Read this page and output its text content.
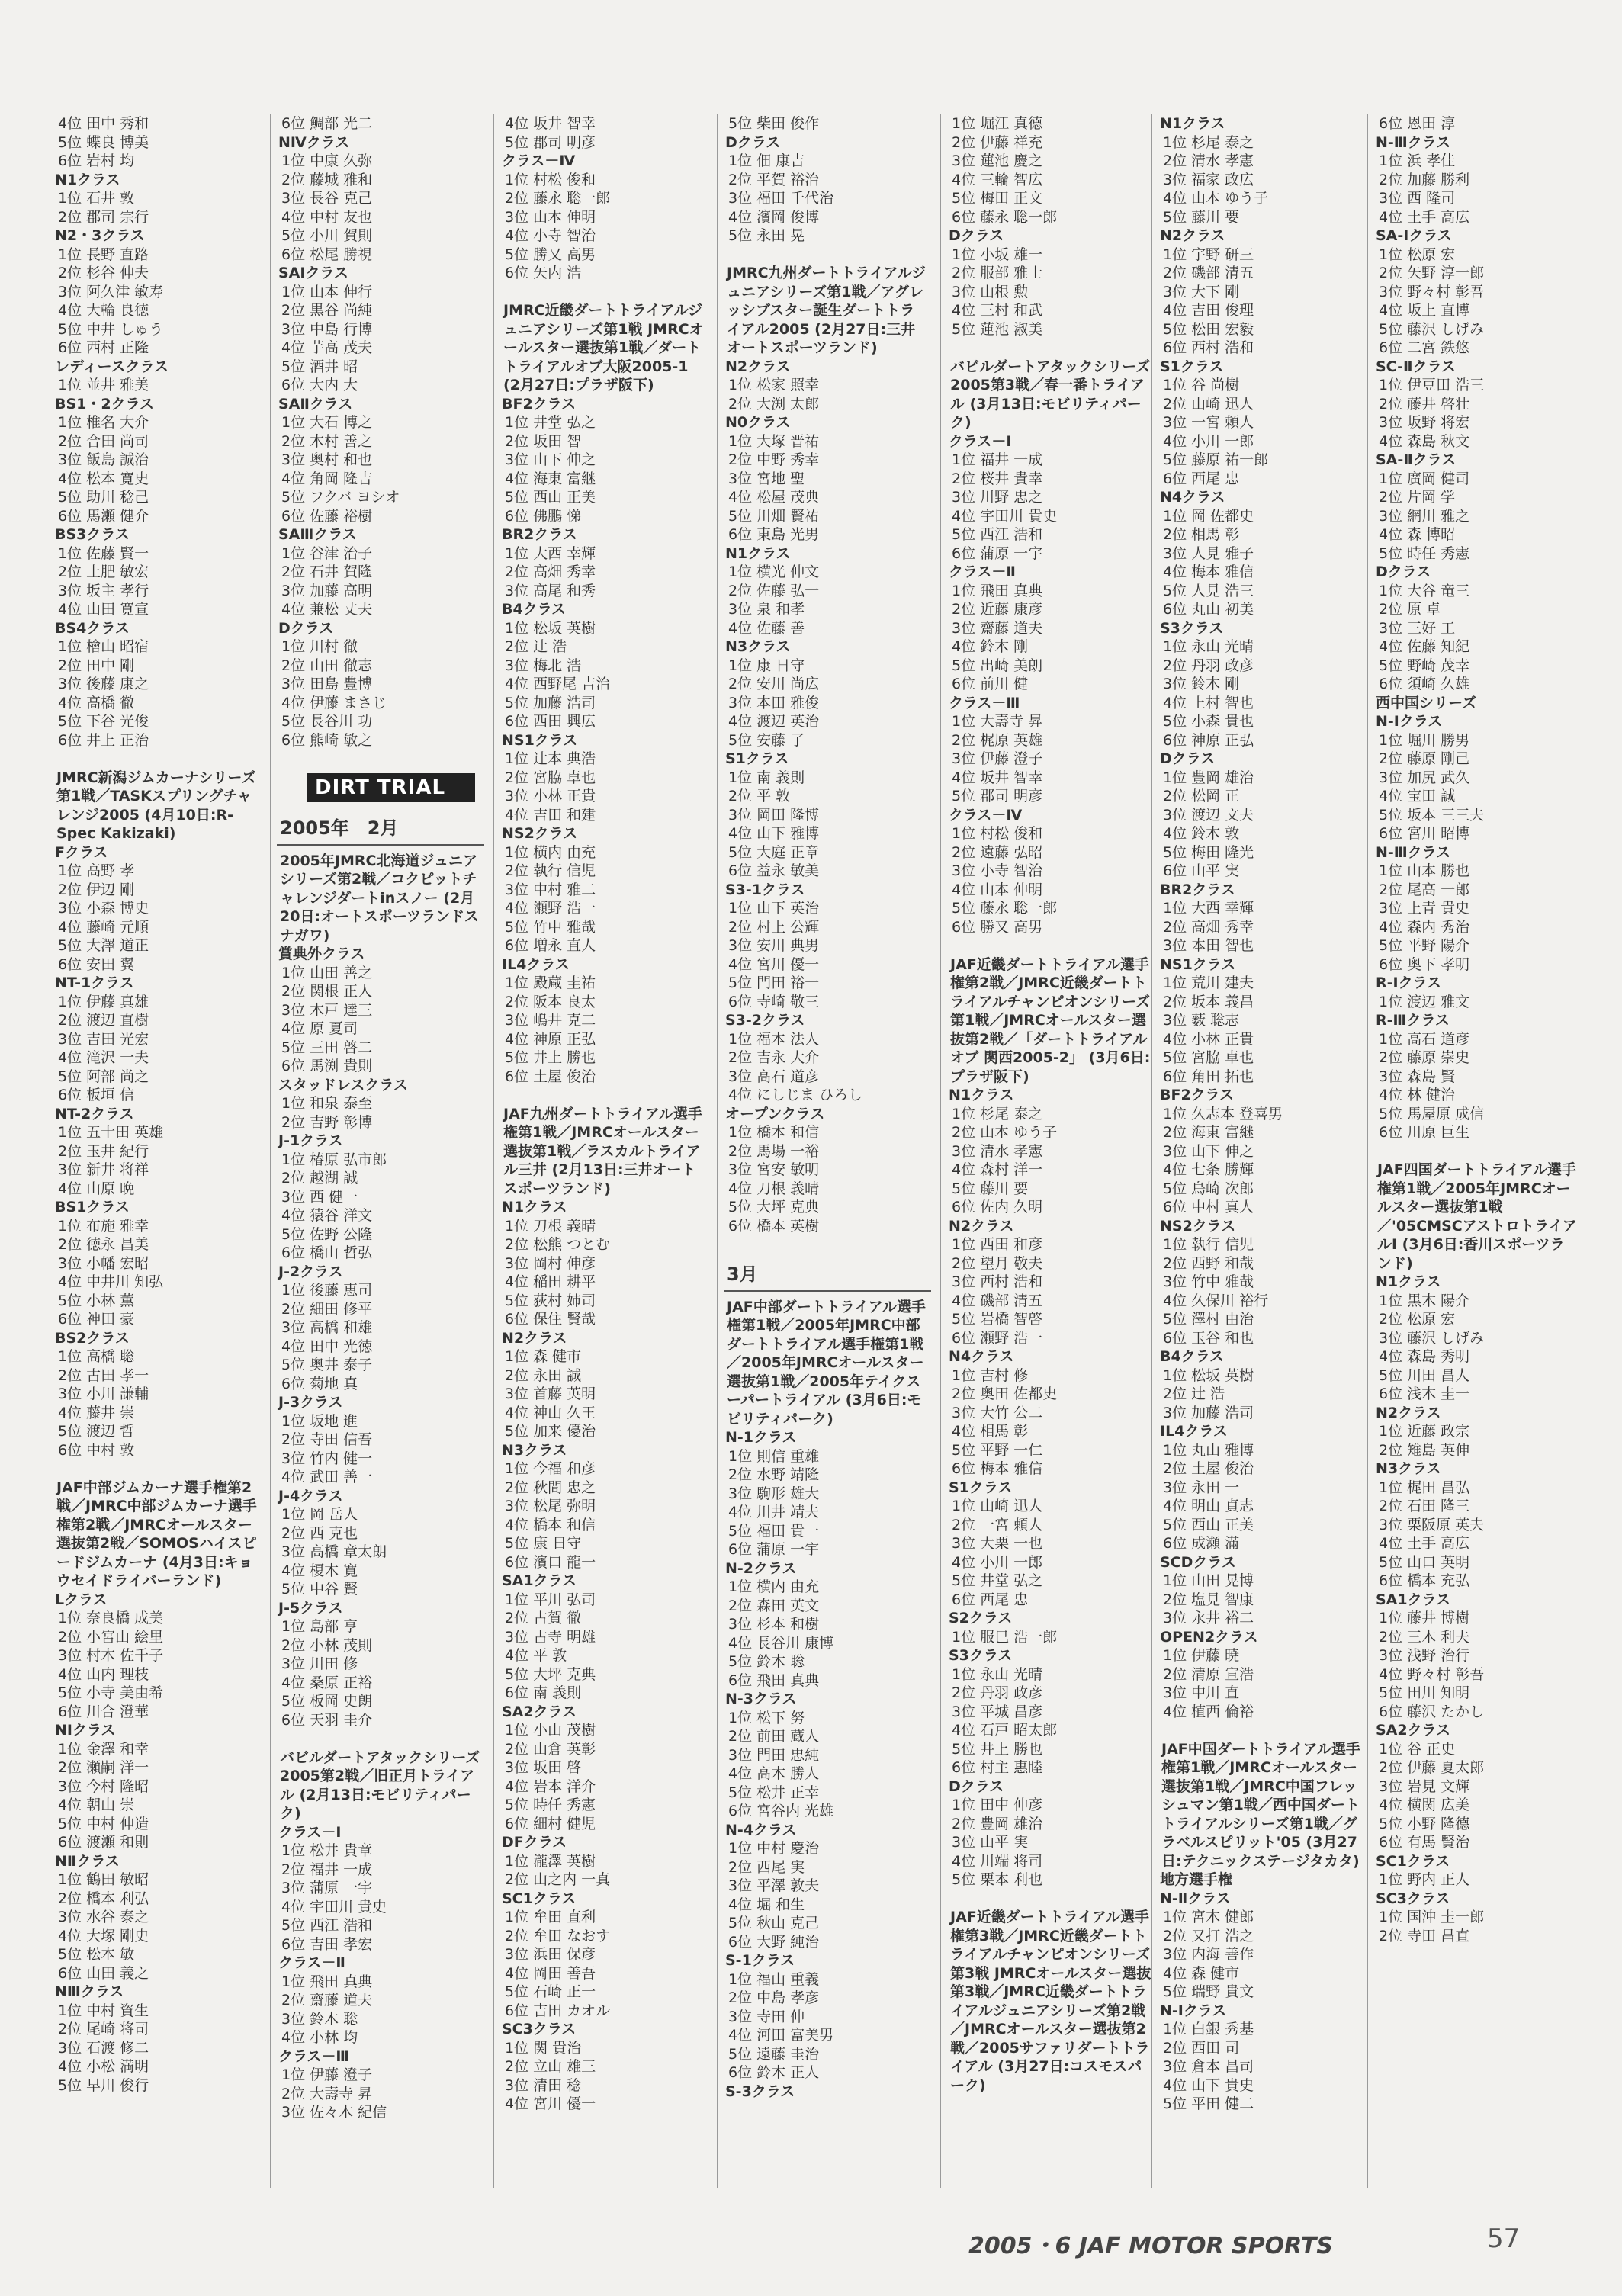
4位 田中 秀和
5位 蝶良 博美
6位 岩村 均
N1クラス
1位 石井 敦
2位 郡司 宗行
N2・3クラス
1位 長野 直路
2位 杉谷 伸夫
3位 阿久津 敏寿
4位 大輪 良徳
5位 中井 しゅう
6位 西村 正隆
レディースクラス
1位 並井 雅美
BS1・2クラス
1位 椎名 大介
2位 合田 尚司
3位 飯島 誠治
4位 松本 寛史
5位 助川 稔己
6位 馬瀬 健介
BS3クラス
1位 佐藤 賢一
2位 土肥 敏宏
3位 坂主 孝行
4位 山田 寛宣
BS4クラス
1位 檜山 昭宿
2位 田中 剛
3位 後藤 康之
4位 高橋 徹
5位 下谷 光俊
6位 井上 正治
JMRC新潟ジムカーナシリーズ第1戦／TASKスプリングチャレンジ2005 (4月10日:R-Spec Kakizaki)
Fクラス
1位 高野 孝
2位 伊辺 剛
3位 小森 博史
4位 藤崎 元順
5位 大澤 道正
6位 安田 翼
NT-1クラス
1位 伊藤 真雄
2位 渡辺 直樹
3位 吉田 光宏
4位 滝沢 一夫
5位 阿部 尚之
6位 板垣 信
NT-2クラス
1位 五十田 英雄
2位 玉井 紀行
3位 新井 将祥
4位 山原 晩
BS1クラス
1位 布施 雅幸
2位 徳永 昌美
3位 小幡 宏昭
4位 中井川 知弘
5位 小林 薫
6位 神田 豪
BS2クラス
1位 高橋 聡
2位 古田 孝一
3位 小川 謙輔
4位 藤井 崇
5位 渡辺 哲
6位 中村 敦
JAF中部ジムカーナ選手権第2戦／JMRC中部ジムカーナ選手権第2戦／JMRCオールスター選抜第2戦／SOMOSハイスピードジムカーナ (4月3日:キョウセイドライバーランド)
Lクラス
1位 奈良橋 成美
2位 小宮山 絵里
3位 村木 佐千子
4位 山内 理枝
5位 小寺 美由希
6位 川合 澄華
NIクラス
1位 金澤 和幸
2位 瀬嗣 洋一
3位 今村 隆昭
4位 朝山 崇
5位 中村 伸造
6位 渡瀬 和則
NⅡクラス
1位 鶴田 敏昭
2位 橋本 利弘
3位 水谷 泰之
4位 大塚 剛史
5位 松本 敏
6位 山田 義之
NⅢクラス
1位 中村 資生
2位 尾崎 将司
3位 石渡 修二
4位 小松 満明
5位 早川 俊行
6位 鯛部 光二
NⅣクラス
1位 中康 久弥
2位 藤城 雅和
3位 長谷 克己
4位 中村 友也
5位 小川 賀則
6位 松尾 勝視
SAIクラス
1位 山本 伸行
2位 黒谷 尚純
3位 中島 行博
4位 芋高 茂夫
5位 酒井 昭
6位 大内 大
SAⅡクラス
1位 大石 博之
2位 木村 善之
3位 奥村 和也
4位 角岡 隆吉
5位 フクバ ヨシオ
6位 佐藤 裕樹
SAⅢクラス
1位 谷津 治子
2位 石井 賀隆
3位 加藤 高明
4位 兼松 丈夫
Dクラス
1位 川村 徹
2位 山田 徹志
3位 田島 豊博
4位 伊藤 まさじ
5位 長谷川 功
6位 熊崎 敏之
DIRT TRIAL
2005年　2月
2005年JMRC北海道ジュニアシリーズ第2戦／コクピットチャレンジダートinスノー (2月20日:オートスポーツランドスナガワ)
賞典外クラス
1位 山田 善之
2位 関根 正人
3位 木戸 達三
4位 原 夏司
5位 三田 啓二
6位 馬渕 貴則
スタッドレスクラス
1位 和泉 泰至
2位 吉野 彰博
J-1クラス
1位 椿原 弘市郎
2位 越湖 誠
3位 西 健一
4位 猿谷 洋文
5位 佐野 公隆
6位 橋山 哲弘
J-2クラス
1位 後藤 恵司
2位 細田 修平
3位 高橋 和雄
4位 田中 光徳
5位 奥井 泰子
6位 菊地 真
J-3クラス
1位 坂地 進
2位 寺田 信吾
3位 竹内 健一
4位 武田 善一
J-4クラス
1位 岡 岳人
2位 西 克也
3位 高橋 章太朗
4位 榎木 寛
5位 中谷 賢
J-5クラス
1位 島部 亨
2位 小林 茂則
3位 川田 修
4位 桑原 正裕
5位 板岡 史朗
6位 天羽 圭介
バビルダートアタックシリーズ2005第2戦／旧正月トライアル (2月13日:モビリティパーク)
クラス－Ⅰ
1位 松井 貴章
2位 福井 一成
3位 蒲原 一宇
4位 宇田川 貴史
5位 西江 浩和
6位 吉田 孝宏
クラス－Ⅱ
1位 飛田 真典
2位 齋藤 道夫
3位 鈴木 聡
4位 小林 均
クラス－Ⅲ
1位 伊藤 澄子
2位 大壽寺 昇
3位 佐々木 紀信
4位 坂井 智幸
5位 郡司 明彦
クラス－Ⅳ
1位 村松 俊和
2位 藤永 聡一郎
3位 山本 伸明
4位 小寺 智治
5位 勝又 高男
6位 矢内 浩
JMRC近畿ダートトライアルジュニアシリーズ第1戦 JMRCオールスター選抜第1戦／ダートトライアルオブ大阪2005-1 (2月27日:プラザ阪下)
BF2クラス
1位 井堂 弘之
2位 坂田 智
3位 山下 伸之
4位 海東 富継
5位 西山 正美
6位 佛鵬 悌
BR2クラス
1位 大西 幸輝
2位 高畑 秀幸
3位 高尾 和秀
B4クラス
1位 松坂 英樹
2位 辻 浩
3位 梅北 浩
4位 西野尾 吉治
5位 加藤 浩司
6位 西田 興広
NS1クラス
1位 辻本 典浩
2位 宮脇 卓也
3位 小林 正貴
4位 吉田 和建
NS2クラス
1位 横内 由充
2位 執行 信児
3位 中村 雅二
4位 瀬野 浩一
5位 竹中 雅哉
6位 増永 直人
IL4クラス
1位 殿蔵 圭祐
2位 阪本 良太
3位 嶋井 克二
4位 神原 正弘
5位 井上 勝也
6位 土屋 俊治
JAF九州ダートトライアル選手権第1戦／JMRCオールスター選抜第1戦／ラスカルトライアル三井 (2月13日:三井オートスポーツランド)
N1クラス
1位 刀根 義晴
2位 松熊 つとむ
3位 岡村 伸彦
4位 稲田 耕平
5位 荻村 姉司
6位 保住 賢哉
N2クラス
1位 森 健市
2位 永田 誠
3位 首藤 英明
4位 神山 久王
5位 加来 優治
N3クラス
1位 今福 和彦
2位 秋間 忠之
3位 松尾 弥明
4位 橋本 和信
5位 康 日守
6位 濱口 龍一
SA1クラス
1位 平川 弘司
2位 古賀 徹
3位 古寺 明雄
4位 平 敦
5位 大坪 克典
6位 南 義則
SA2クラス
1位 小山 茂樹
2位 山倉 英彰
3位 坂田 啓
4位 岩本 洋介
5位 時任 秀憲
6位 細村 健児
DFクラス
1位 瀧澤 英樹
2位 山之内 一真
SC1クラス
1位 牟田 直利
2位 牟田 なおす
3位 浜田 保彦
4位 岡田 善吾
5位 石崎 正一
6位 吉田 カオル
SC3クラス
1位 関 貴治
2位 立山 雄三
3位 清田 稔
4位 宮川 優一
5位 柴田 俊作
Dクラス
1位 佃 康吉
2位 平賀 裕治
3位 福田 千代治
4位 濱岡 俊博
5位 永田 晃
JMRC九州ダートトライアルジュニアシリーズ第1戦／アグレッシブスター誕生ダートトライアル2005 (2月27日:三井オートスポーツランド)
N2クラス
1位 松家 照幸
2位 大渕 太郎
N0クラス
1位 大塚 晋祐
2位 中野 秀幸
3位 宮地 聖
4位 松屋 茂典
5位 川畑 賢祐
6位 東島 光男
N1クラス
1位 横光 伸文
2位 佐藤 弘一
3位 泉 和孝
4位 佐藤 善
N3クラス
1位 康 日守
2位 安川 尚広
3位 本田 雅俊
4位 渡辺 英治
5位 安藤 了
S1クラス
1位 南 義則
2位 平 敦
3位 岡田 隆博
4位 山下 雅博
5位 大庭 正章
6位 益永 敏美
S3-1クラス
1位 山下 英治
2位 村上 公輝
3位 安川 典男
4位 宮川 優一
5位 門田 裕一
6位 寺崎 敬三
S3-2クラス
1位 福本 法人
2位 吉永 大介
3位 高石 道彦
4位 にしじま ひろし
オープンクラス
1位 橋本 和信
2位 馬場 一裕
3位 宮安 敏明
4位 刀根 義晴
5位 大坪 克典
6位 橋本 英樹
3月
JAF中部ダートトライアル選手権第1戦／2005年JMRC中部ダートトライアル選手権第1戦／2005年JMRCオールスター選抜第1戦／2005年テイクスーパートライアル (3月6日:モビリティパーク)
N-1クラス
1位 則信 重雄
2位 水野 靖隆
3位 駒形 雄大
4位 川井 靖夫
5位 福田 貴一
6位 蒲原 一宇
N-2クラス
1位 横内 由充
2位 森田 英文
3位 杉本 和樹
4位 長谷川 康博
5位 鈴木 聡
6位 飛田 真典
N-3クラス
1位 松下 努
2位 前田 蔵人
3位 門田 忠純
4位 高木 勝人
5位 松井 正幸
6位 宮谷内 光雄
N-4クラス
1位 中村 慶治
2位 西尾 実
3位 平澤 敦夫
4位 堀 和生
5位 秋山 克己
6位 大野 純治
S-1クラス
1位 福山 重義
2位 中島 孝彦
3位 寺田 伸
4位 河田 富美男
5位 遠藤 圭治
6位 鈴木 正人
S-3クラス
1位 堀江 真德
2位 伊藤 祥充
3位 蓮池 慶之
4位 三輪 智広
5位 梅田 正文
6位 藤永 聡一郎
Dクラス
1位 小坂 雄一
2位 服部 雅士
3位 山根 勲
4位 三村 和武
5位 蓮池 淑美
バビルダートアタックシリーズ2005第3戦／春一番トライアル (3月13日:モビリティパーク)
クラス－Ⅰ
1位 福井 一成
2位 桜井 貴幸
3位 川野 忠之
4位 宇田川 貴史
5位 西江 浩和
6位 蒲原 一宇
クラス－Ⅱ
1位 飛田 真典
2位 近藤 康彦
3位 齋藤 道夫
4位 鈴木 剛
5位 出崎 美朗
6位 前川 健
クラス－Ⅲ
1位 大壽寺 昇
2位 梶原 英雄
3位 伊藤 澄子
4位 坂井 智幸
5位 郡司 明彦
クラス－Ⅳ
1位 村松 俊和
2位 遠藤 弘昭
3位 小寺 智治
4位 山本 伸明
5位 藤永 聡一郎
6位 勝又 高男
JAF近畿ダートトライアル選手権第2戦／JMRC近畿ダートトライアルチャンピオンシリーズ第1戦／JMRCオールスター選抜第2戦／「ダートトライアル オブ 関西2005-2」 (3月6日:プラザ阪下)
N1クラス
1位 杉尾 泰之
2位 山本 ゆう子
3位 清水 孝憲
4位 森村 洋一
5位 藤川 要
6位 佐内 久明
N2クラス
1位 西田 和彦
2位 望月 敬夫
3位 西村 浩和
4位 磯部 清五
5位 岩橋 智啓
6位 瀬野 浩一
N4クラス
1位 吉村 修
2位 奥田 佐都史
3位 大竹 公二
4位 相馬 彰
5位 平野 一仁
6位 梅本 雅信
S1クラス
1位 山崎 迅人
2位 一宮 頼人
3位 大栗 一也
4位 小川 一郎
5位 井堂 弘之
6位 西尾 忠
S2クラス
1位 服巳 浩一郎
S3クラス
1位 永山 光晴
2位 丹羽 政彦
3位 平城 昌彦
4位 石戸 昭太郎
5位 井上 勝也
6位 村主 惠睦
Dクラス
1位 田中 伸彦
2位 豊岡 雄治
3位 山平 実
4位 川端 将司
5位 栗本 利也
JAF近畿ダートトライアル選手権第3戦／JMRC近畿ダートトライアルチャンピオンシリーズ第3戦 JMRCオールスター選抜第3戦／JMRC近畿ダートトライアルジュニアシリーズ第2戦／JMRCオールスター選抜第2戦／2005サファリダートトライアル (3月27日:コスモスパーク)
N1クラス
1位 杉尾 泰之
2位 清水 孝憲
3位 福家 政広
4位 山本 ゆう子
5位 藤川 要
N2クラス
1位 宇野 研三
2位 磯部 清五
3位 大下 剛
4位 吉田 俊理
5位 松田 宏毅
6位 西村 浩和
S1クラス
1位 谷 尚樹
2位 山崎 迅人
3位 一宮 頼人
4位 小川 一郎
5位 藤原 祐一郎
6位 西尾 忠
N4クラス
1位 岡 佐都史
2位 相馬 彰
3位 人見 雅子
4位 梅本 雅信
5位 人見 浩三
6位 丸山 初美
S3クラス
1位 永山 光晴
2位 丹羽 政彦
3位 鈴木 剛
4位 上村 智也
5位 小森 貴也
6位 神原 正弘
Dクラス
1位 豊岡 雄治
2位 松岡 正
3位 渡辺 文夫
4位 鈴木 敦
5位 梅田 隆光
6位 山平 実
BR2クラス
1位 大西 幸輝
2位 高畑 秀幸
3位 本田 智也
NS1クラス
1位 荒川 建夫
2位 坂本 義昌
3位 薮 聡志
4位 小林 正貴
5位 宮脇 卓也
6位 角田 拓也
BF2クラス
1位 久志本 登喜男
2位 海東 富継
3位 山下 伸之
4位 七条 勝輝
5位 鳥崎 次郎
6位 中村 真人
NS2クラス
1位 執行 信児
2位 西野 和哉
3位 竹中 雅哉
4位 久保川 裕行
5位 澤村 由治
6位 玉谷 和也
B4クラス
1位 松坂 英樹
2位 辻 浩
3位 加藤 浩司
IL4クラス
1位 丸山 雅博
2位 土屋 俊治
3位 永田 一
4位 明山 貞志
5位 西山 正美
6位 成瀬 滿
SCDクラス
1位 山田 晃博
2位 塩見 智康
3位 永井 裕二
OPEN2クラス
1位 伊藤 暁
2位 清原 宣浩
3位 中川 直
4位 植西 倫裕
JAF中国ダートトライアル選手権第1戦／JMRCオールスター選抜第1戦／JMRC中国フレッシュマン第1戦／西中国ダートトライアルシリーズ第1戦／グラベルスピリット'05 (3月27日:テクニックステージタカタ)
地方選手権
N-Ⅱクラス
1位 宮木 健郎
2位 又打 浩之
3位 内海 善作
4位 森 健市
5位 瑞野 貴文
N-Ⅰクラス
1位 白銀 秀基
2位 西田 司
3位 倉本 昌司
4位 山下 貴史
5位 平田 健二
6位 恩田 淳
N-Ⅲクラス
1位 浜 孝佳
2位 加藤 勝利
3位 西 隆司
4位 土手 高広
SA-Ⅰクラス
1位 松原 宏
2位 矢野 淳一郎
3位 野々村 彰吾
4位 坂上 直博
5位 藤沢 しげみ
6位 二宮 鉄悠
SC-Ⅱクラス
1位 伊豆田 浩三
2位 藤井 啓壮
3位 坂野 将宏
4位 森島 秋文
SA-Ⅱクラス
1位 廣岡 健司
2位 片岡 学
3位 網川 雅之
4位 森 博昭
5位 時任 秀憲
Dクラス
1位 大谷 竜三
2位 原 卓
3位 三好 工
4位 佐藤 知紀
5位 野崎 茂幸
6位 須崎 久雄
西中国シリーズ
N-Ⅰクラス
1位 堀川 勝男
2位 藤原 剛己
3位 加尻 武久
4位 宝田 誠
5位 坂本 三三夫
6位 宮川 昭博
N-Ⅲクラス
1位 山本 勝也
2位 尾高 一郎
3位 上青 貴史
4位 森内 秀治
5位 平野 陽介
6位 奥下 孝明
R-Ⅰクラス
1位 渡辺 雅文
R-Ⅲクラス
1位 高石 道彦
2位 藤原 崇史
3位 森島 賢
4位 林 健治
5位 馬屋原 成信
6位 川原 巨生
JAF四国ダートトライアル選手権第1戦／2005年JMRCオールスター選抜第1戦／'05CMSCアストロトライアルⅠ (3月6日:香川スポーツランド)
N1クラス
1位 黒木 陽介
2位 松原 宏
3位 藤沢 しげみ
4位 森島 秀明
5位 川田 昌人
6位 浅木 圭一
N2クラス
1位 近藤 政宗
2位 雉島 英伸
N3クラス
1位 梶田 昌弘
2位 石田 隆三
3位 栗阪原 英夫
4位 土手 高広
5位 山口 英明
6位 橋本 充弘
SA1クラス
1位 藤井 博樹
2位 三木 利夫
3位 浅野 治行
4位 野々村 彰吾
5位 田川 知明
6位 藤沢 たかし
SA2クラス
1位 谷 正史
2位 伊藤 夏太郎
3位 岩見 文輝
4位 横関 広美
5位 小野 隆德
6位 有馬 賢治
SC1クラス
1位 野内 正人
SC3クラス
1位 国沖 圭一郎
2位 寺田 昌直
2005・6 JAF MOTOR SPORTS	57
